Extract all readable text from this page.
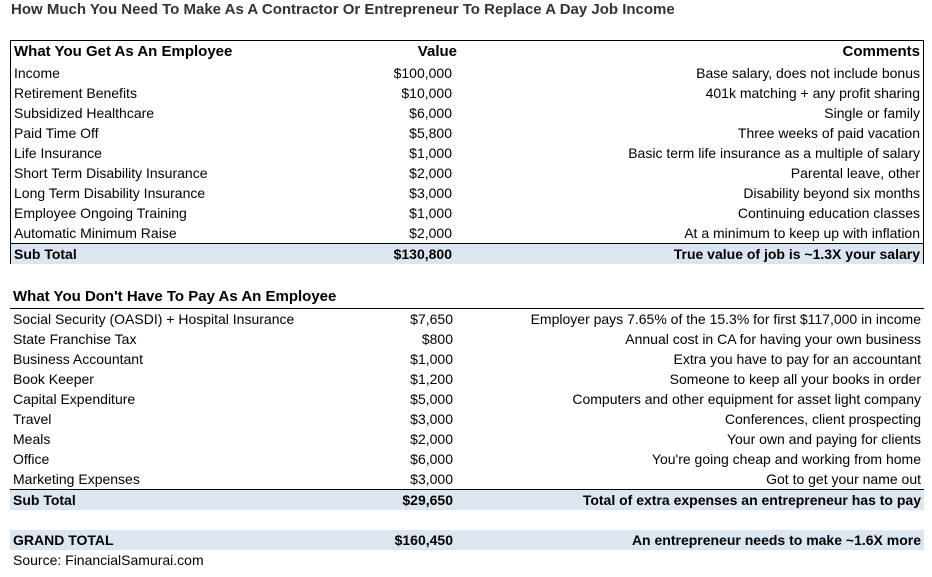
How Much You Need To Make As A Contractor Or Entrepreneur To Replace A Day Job Income
What You Get As An Employee	Value	Comments
Income	$100,000	Base salary, does not include bonus
Retirement Benefits	$10,000	401k matching + any profit sharing
Subsidized Healthcare	$6,000	Single or family
Paid Time Off	$5,800	Three weeks of paid vacation
Life Insurance	$1,000	Basic term life insurance as a multiple of salary
Short Term Disability Insurance	$2,000	Parental leave, other
Long Term Disability Insurance	$3,000	Disability beyond six months
Employee Ongoing Training	$1,000	Continuing education classes
Automatic Minimum Raise	$2,000	At a minimum to keep up with inflation
Sub Total	$130,800	True value of job is ~1.3X your salary
What You Don't Have To Pay As An Employee
Social Security (OASDI) + Hospital Insurance	$7,650	Employer pays 7.65% of the 15.3% for first $117,000 in income
State Franchise Tax	$800	Annual cost in CA for having your own business
Business Accountant	$1,000	Extra you have to pay for an accountant
Book Keeper	$1,200	Someone to keep all your books in order
Capital Expenditure	$5,000	Computers and other equipment for asset light company
Travel	$3,000	Conferences, client prospecting
Meals	$2,000	Your own and paying for clients
Office	$6,000	You're going cheap and working from home
Marketing Expenses	$3,000	Got to get your name out
Sub Total	$29,650	Total of extra expenses an entrepreneur has to pay
GRAND TOTAL	$160,450	An entrepreneur needs to make ~1.6X more
Source: FinancialSamurai.com
